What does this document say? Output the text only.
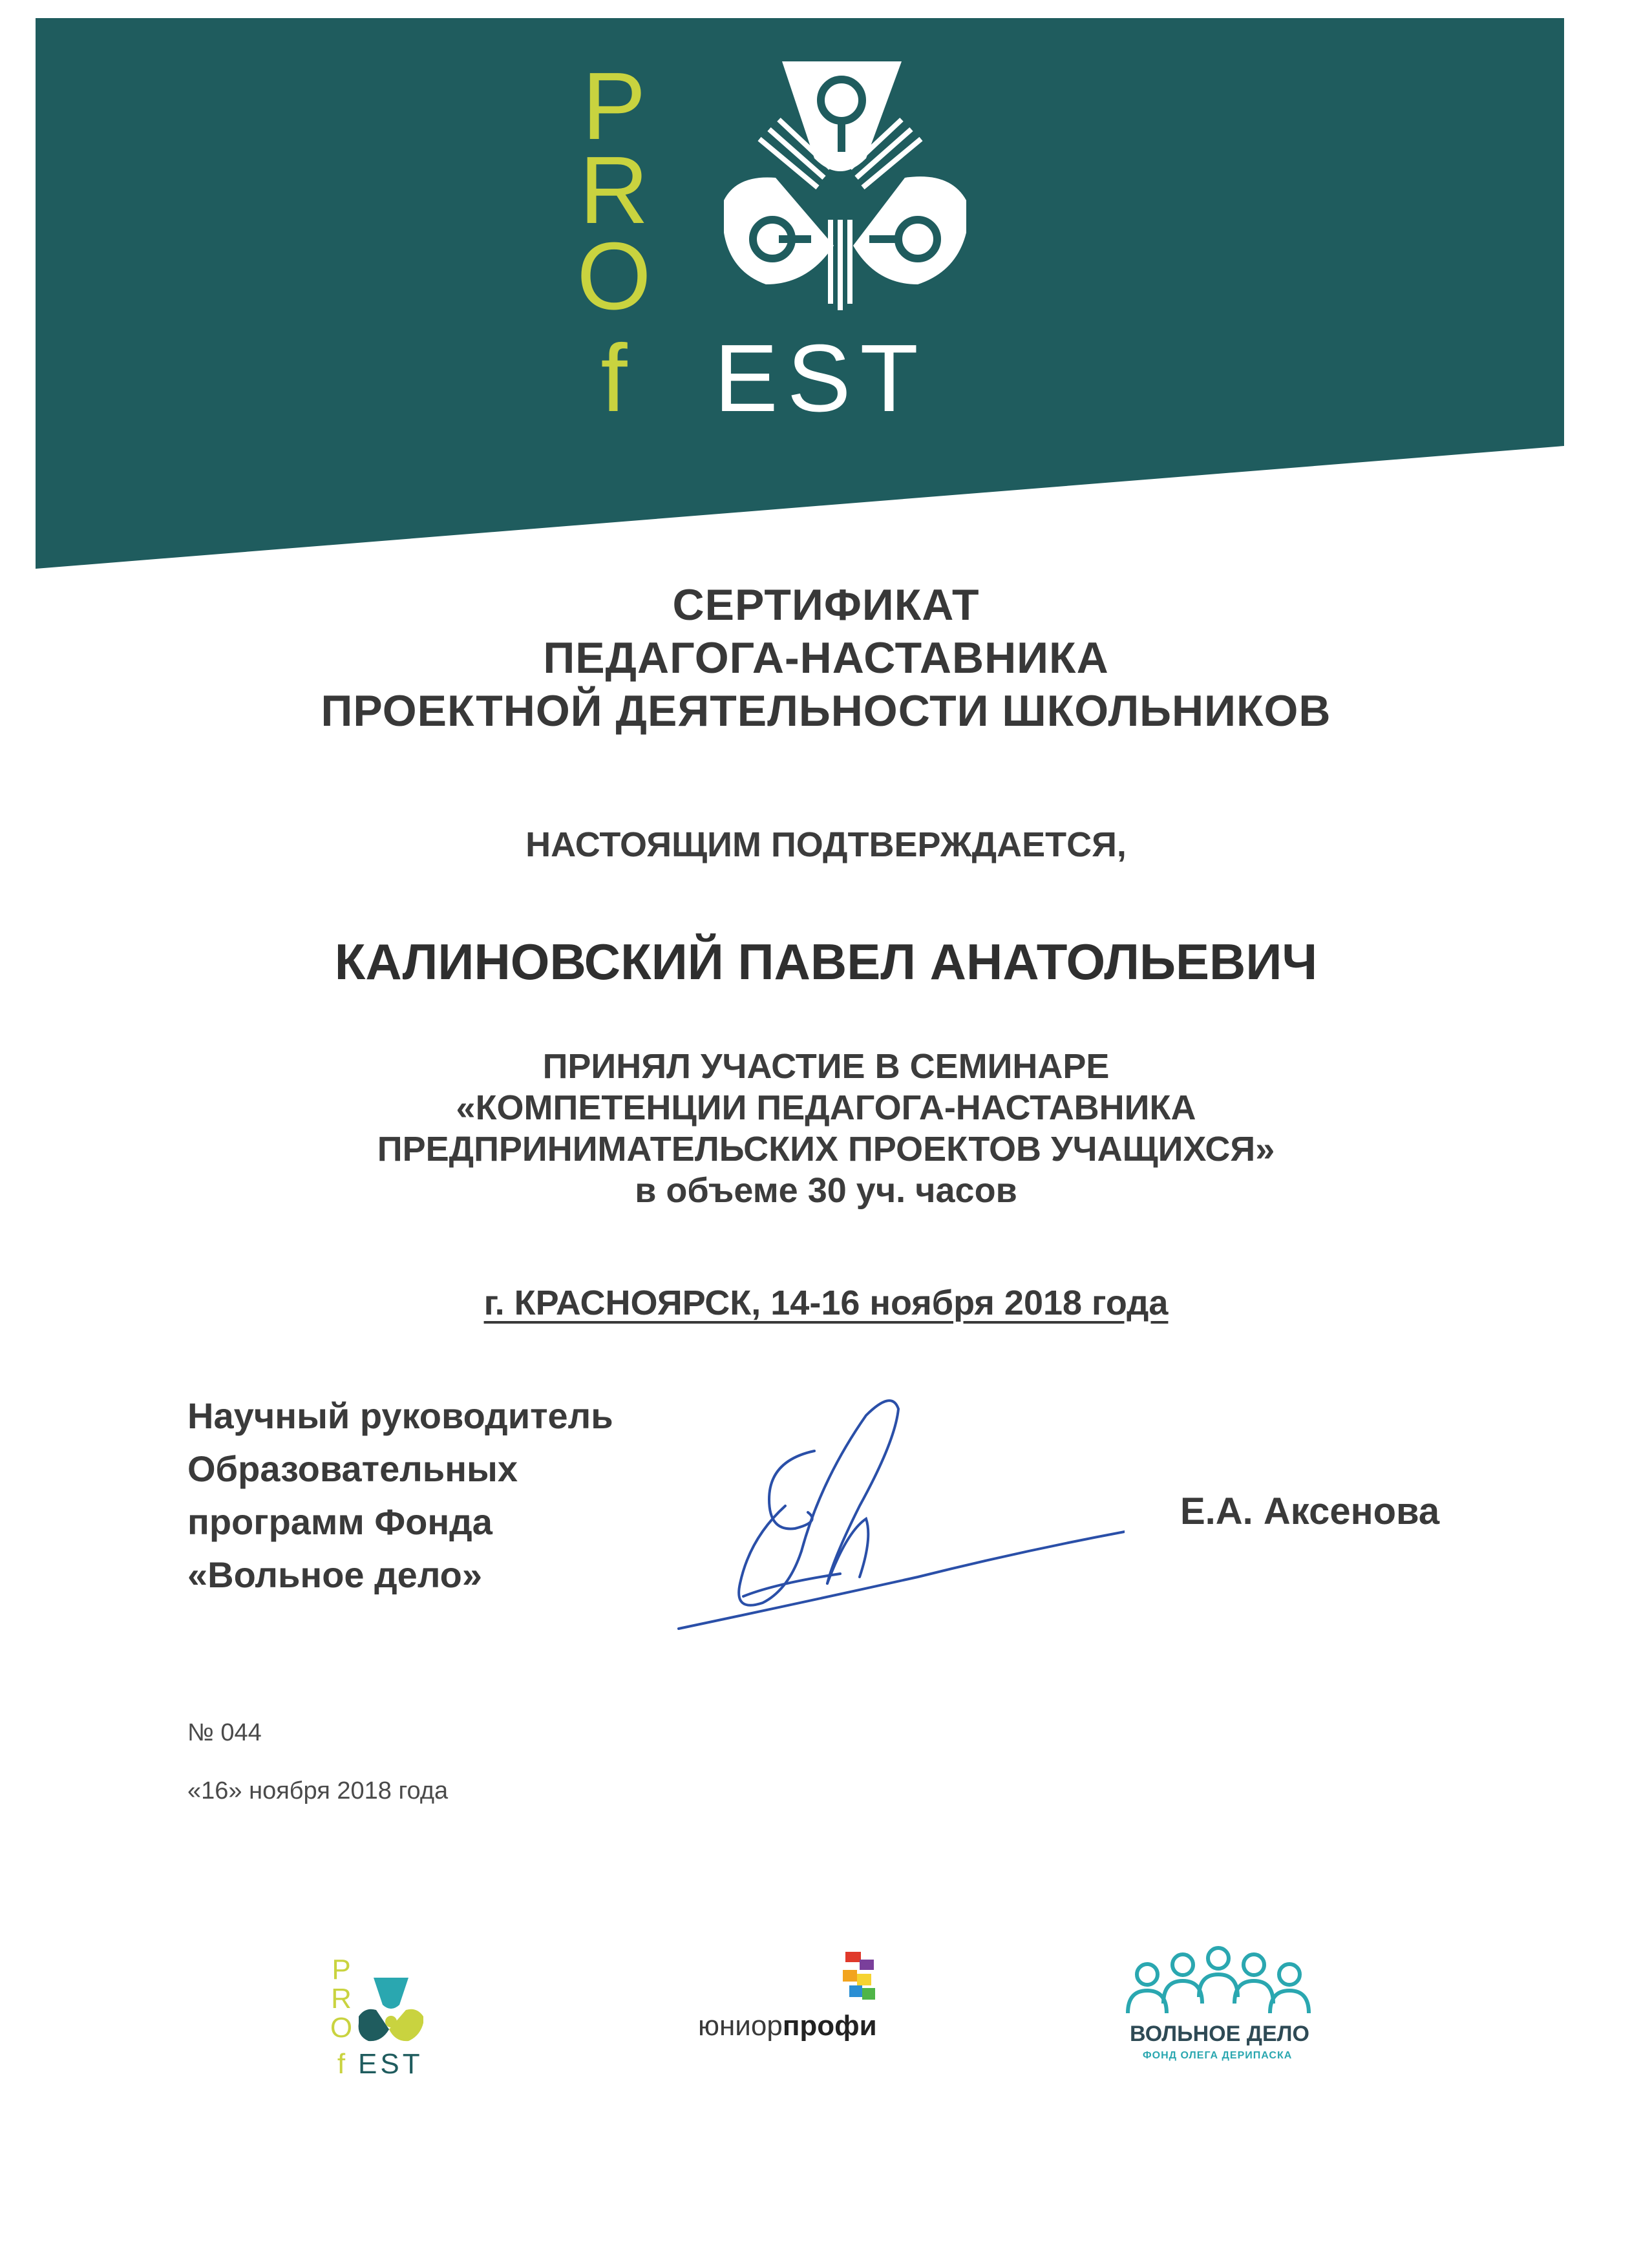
P
R
O
f EST
СЕРТИФИКАТ
ПЕДАГОГА-НАСТАВНИКА
ПРОЕКТНОЙ ДЕЯТЕЛЬНОСТИ ШКОЛЬНИКОВ
НАСТОЯЩИМ ПОДТВЕРЖДАЕТСЯ,
КАЛИНОВСКИЙ ПАВЕЛ АНАТОЛЬЕВИЧ
ПРИНЯЛ УЧАСТИЕ В СЕМИНАРЕ
«КОМПЕТЕНЦИИ ПЕДАГОГА-НАСТАВНИКА
ПРЕДПРИНИМАТЕЛЬСКИХ ПРОЕКТОВ УЧАЩИХСЯ»
в объеме 30 уч. часов
г. КРАСНОЯРСК, 14-16 ноября 2018 года
Научный руководитель
Образовательных
программ Фонда
«Вольное дело»
Е.А. Аксенова
№ 044
«16» ноября 2018 года
P
R
O
f EST
юниорпрофи	ВОЛЬНОЕ ДЕЛО
ФОНД ОЛЕГА ДЕРИПАСКА
